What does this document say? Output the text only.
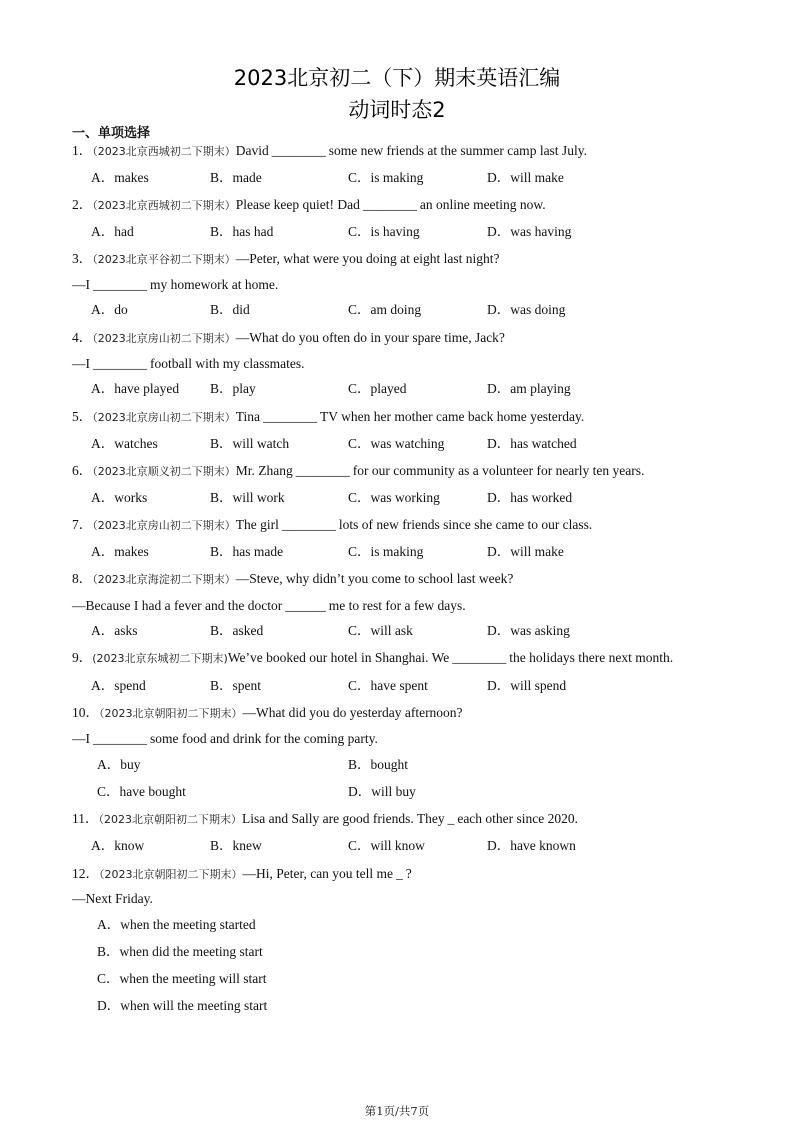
2023北京初二（下）期末英语汇编
动词时态2
一、单项选择
1．（2023北京西城初二下期末）David ________ some new friends at the summer camp last July.
A．makes	B．made	C．is making	D．will make
2．（2023北京西城初二下期末）Please keep quiet! Dad ________ an online meeting now.
A．had	B．has had	C．is having	D．was having
3．（2023北京平谷初二下期末）—Peter, what were you doing at eight last night?
—I ________ my homework at home.
A．do	B．did	C．am doing	D．was doing
4．（2023北京房山初二下期末）—What do you often do in your spare time, Jack?
—I ________ football with my classmates.
A．have played B．play	C．played	D．am playing
5．（2023北京房山初二下期末）Tina ________ TV when her mother came back home yesterday.
A．watches	B．will watch	C．was watching	D．has watched
6．（2023北京顺义初二下期末）Mr. Zhang ________ for our community as a volunteer for nearly ten years.
A．works	B．will work	C．was working	D．has worked
7．（2023北京房山初二下期末）The girl ________ lots of new friends since she came to our class.
A．makes	B．has made	C．is making	D．will make
8．（2023北京海淀初二下期末）—Steve, why didn’t you come to school last week?
—Because I had a fever and the doctor ______ me to rest for a few days.
A．asks	B．asked	C．will ask	D．was asking
9．(2023北京东城初二下期末)We’ve booked our hotel in Shanghai. We ________ the holidays there next month.
A．spend	B．spent	C．have spent	D．will spend
10．（2023北京朝阳初二下期末）—What did you do yesterday afternoon?
—I ________ some food and drink for the coming party.
A．buy	B．bought
C．have bought	D．will buy
11．（2023北京朝阳初二下期末）Lisa and Sally are good friends. They _ each other since 2020.
A．know	B．knew	C．will know	D．have known
12．（2023北京朝阳初二下期末）—Hi, Peter, can you tell me _ ?
—Next Friday.
A．when the meeting started
B．when did the meeting start
C．when the meeting will start
D．when will the meeting start
第1页/共7页
